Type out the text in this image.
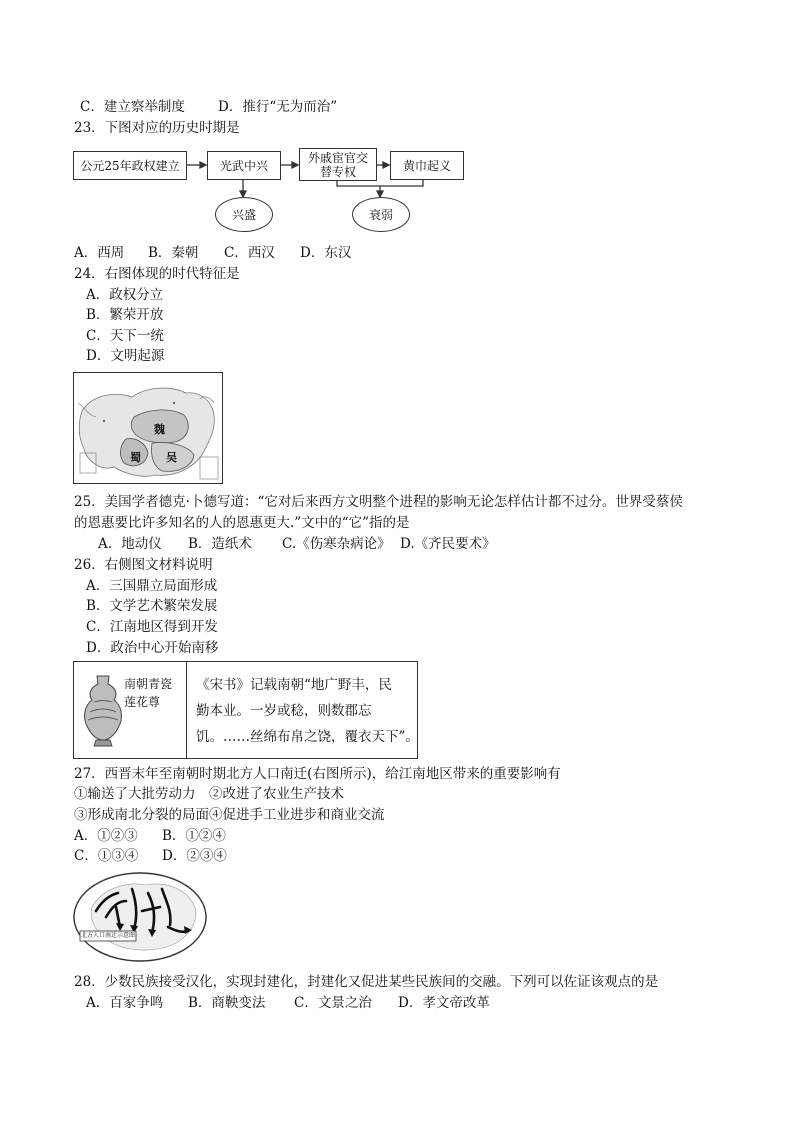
C．建立察举制度 D．推行“无为而治”
23．下图对应的历史时期是
公元25年政权建立	光武中兴
外戚宦官交
替专权	黄巾起义
兴盛	衰弱
A．西周 B．秦朝 C．西汉 D．东汉
24．右图体现的时代特征是
A．政权分立
B．繁荣开放
C．天下一统
D．文明起源
魏
蜀 吴
25．美国学者德克·卜德写道：“它对后来西方文明整个进程的影响无论怎样估计都不过分。世界受蔡侯
的恩惠要比许多知名的人的恩惠更大.”文中的“它”指的是
A．地动仪 B．造纸术 C.《伤寒杂病论》 D.《齐民要术》
26．右侧图文材料说明
A．三国鼎立局面形成
B．文学艺术繁荣发展
C．江南地区得到开发
D．政治中心开始南移
南朝青瓷
莲花尊
《宋书》记载南朝“地广野丰，民
勤本业。一岁或稔，则数郡忘
饥。……丝绵布帛之饶，覆衣天下”。
27．西晋末年至南朝时期北方人口南迁(右图所示)，给江南地区带来的重要影响有
①输送了大批劳动力　②改进了农业生产技术
③形成南北分裂的局面④促进手工业进步和商业交流
A．①②③ B．①②④
C．①③④ D．②③④
北方人口南迁示意图
28．少数民族接受汉化，实现封建化，封建化又促进某些民族间的交融。下列可以佐证该观点的是
A．百家争鸣 B．商鞅变法 C．文景之治 D．孝文帝改革
